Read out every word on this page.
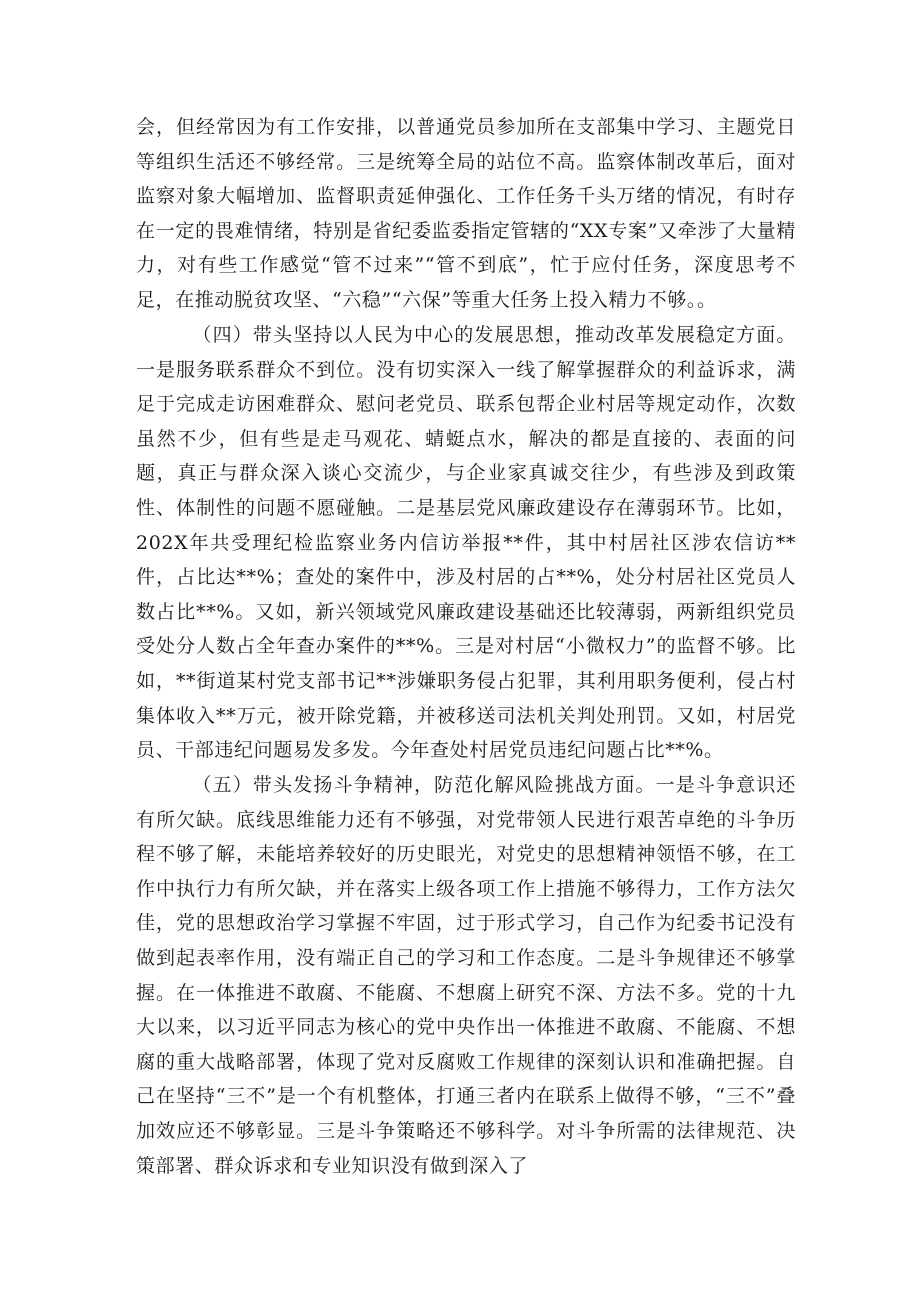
会，但经常因为有工作安排，以普通党员参加所在支部集中学习、主题党日等组织生活还不够经常。三是统筹全局的站位不高。监察体制改革后，面对监察对象大幅增加、监督职责延伸强化、工作任务千头万绪的情况，有时存在一定的畏难情绪，特别是省纪委监委指定管辖的“XX专案”又牵涉了大量精力，对有些工作感觉“管不过来”“管不到底”，忙于应付任务，深度思考不足，在推动脱贫攻坚、“六稳”“六保”等重大任务上投入精力不够。。

（四）带头坚持以人民为中心的发展思想，推动改革发展稳定方面。一是服务联系群众不到位。没有切实深入一线了解掌握群众的利益诉求，满足于完成走访困难群众、慰问老党员、联系包帮企业村居等规定动作，次数虽然不少，但有些是走马观花、蜻蜓点水，解决的都是直接的、表面的问题，真正与群众深入谈心交流少，与企业家真诚交往少，有些涉及到政策性、体制性的问题不愿碰触。二是基层党风廉政建设存在薄弱环节。比如，202X年共受理纪检监察业务内信访举报**件，其中村居社区涉农信访**件，占比达**%；查处的案件中，涉及村居的占**%，处分村居社区党员人数占比**%。又如，新兴领域党风廉政建设基础还比较薄弱，两新组织党员受处分人数占全年查办案件的**%。三是对村居“小微权力”的监督不够。比如，**街道某村党支部书记**涉嫌职务侵占犯罪，其利用职务便利，侵占村集体收入**万元，被开除党籍，并被移送司法机关判处刑罚。又如，村居党员、干部违纪问题易发多发。今年查处村居党员违纪问题占比**%。

（五）带头发扬斗争精神，防范化解风险挑战方面。一是斗争意识还有所欠缺。底线思维能力还有不够强，对党带领人民进行艰苦卓绝的斗争历程不够了解，未能培养较好的历史眼光，对党史的思想精神领悟不够，在工作中执行力有所欠缺，并在落实上级各项工作上措施不够得力，工作方法欠佳，党的思想政治学习掌握不牢固，过于形式学习，自己作为纪委书记没有做到起表率作用，没有端正自己的学习和工作态度。二是斗争规律还不够掌握。在一体推进不敢腐、不能腐、不想腐上研究不深、方法不多。党的十九大以来，以习近平同志为核心的党中央作出一体推进不敢腐、不能腐、不想腐的重大战略部署，体现了党对反腐败工作规律的深刻认识和准确把握。自己在坚持“三不”是一个有机整体，打通三者内在联系上做得不够，“三不”叠加效应还不够彰显。三是斗争策略还不够科学。对斗争所需的法律规范、决策部署、群众诉求和专业知识没有做到深入了
